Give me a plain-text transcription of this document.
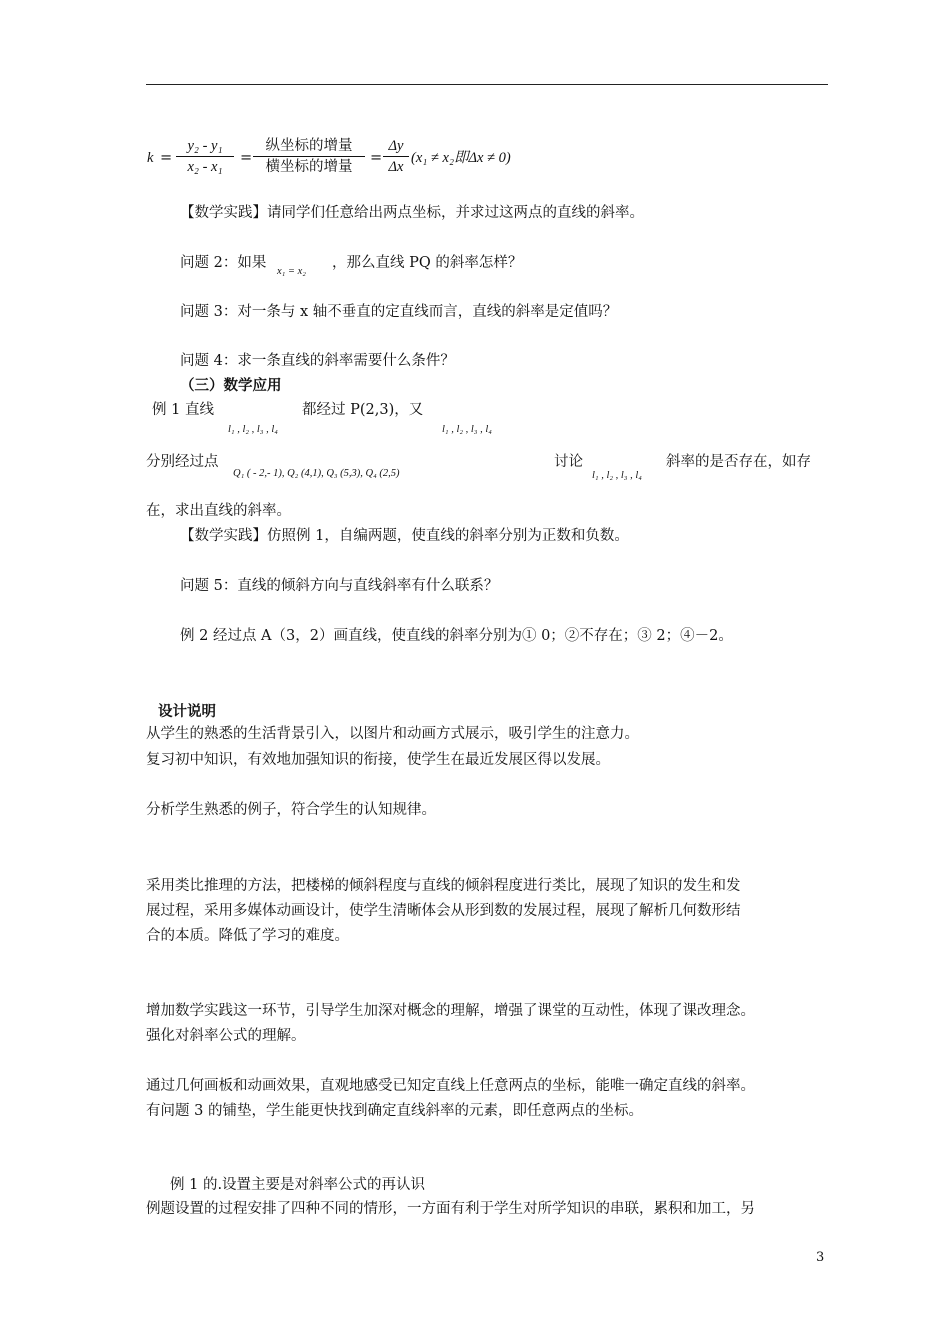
$k = \frac{\text{y₂ - y₁}}{\text{x₂ - x₁}}$ =
纵坐标的增量
横坐标的增量
= $\frac{\Delta y}{\Delta x} (x_1 \ne x_2$即Δx ≠ 0)
【数学实践】请同学们任意给出两点坐标，并求过这两点的直线的斜率。
问题 2：如果
x₁ = x₂
，那么直线 PQ 的斜率怎样？
问题 3：对一条与 x 轴不垂直的定直线而言，直线的斜率是定值吗？
问题 4：求一条直线的斜率需要什么条件？
（三）数学应用
例 1 直线
l₁ , l₂ , l₃ , l₄
都经过 P(2,3)，又
l₁ , l₂ , l₃ , l₄
分别经过点
Q₁ ( - 2,- 1), Q₂ (4,1), Q₃ (5,3), Q₄ (2,5)
讨论
l₁ , l₂ , l₃ , l₄
斜率的是否存在，如存
在，求出直线的斜率。
【数学实践】仿照例 1，自编两题，使直线的斜率分别为正数和负数。
问题 5：直线的倾斜方向与直线斜率有什么联系？
例 2 经过点 A（3，2）画直线，使直线的斜率分别为① 0；②不存在；③ 2；④－2。
设计说明
从学生的熟悉的生活背景引入，以图片和动画方式展示，吸引学生的注意力。
复习初中知识，有效地加强知识的衔接，使学生在最近发展区得以发展。
分析学生熟悉的例子，符合学生的认知规律。
采用类比推理的方法，把楼梯的倾斜程度与直线的倾斜程度进行类比，展现了知识的发生和发
展过程，采用多媒体动画设计，使学生清晰体会从形到数的发展过程，展现了解析几何数形结
合的本质。降低了学习的难度。
增加数学实践这一环节，引导学生加深对概念的理解，增强了课堂的互动性，体现了课改理念。
强化对斜率公式的理解。
通过几何画板和动画效果，直观地感受已知定直线上任意两点的坐标，能唯一确定直线的斜率。
有问题 3 的铺垫，学生能更快找到确定直线斜率的元素，即任意两点的坐标。
例 1 的.设置主要是对斜率公式的再认识
例题设置的过程安排了四种不同的情形，一方面有利于学生对所学知识的串联，累积和加工，另
3
